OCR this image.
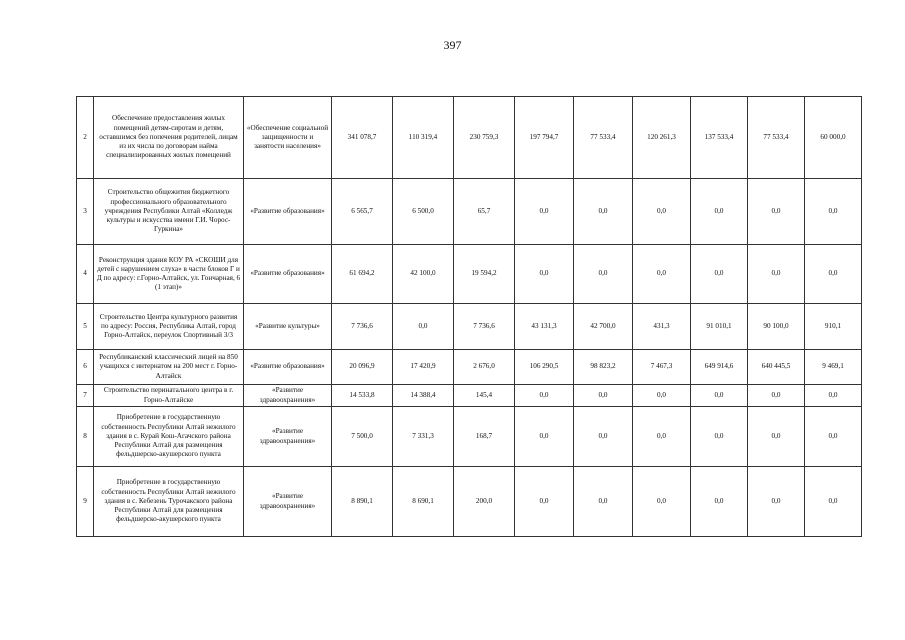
397
2	Обеспечение предоставления жилых помещений детям-сиротам и детям, оставшимся без попечения родителей, лицам из их числа по договорам найма специализированных жилых помещений	«Обеспечение социальной защищенности и занятости населения»	341 078,7	110 319,4	230 759,3	197 794,7	77 533,4	120 261,3	137 533,4	77 533,4	60 000,0
3	Строительство общежития бюджетного профессионального образовательного учреждения Республики Алтай «Колледж культуры и искусства имени Г.И. Чорос-Гуркина»	«Развитие образования»	6 565,7	6 500,0	65,7	0,0	0,0	0,0	0,0	0,0	0,0
4	Реконструкция здания КОУ РА «СКОШИ для детей с нарушением слуха» в части блоков Г и Д по адресу: г.Горно-Алтайск, ул. Гончарная, 6 (1 этап)»	«Развитие образования»	61 694,2	42 100,0	19 594,2	0,0	0,0	0,0	0,0	0,0	0,0
5	Строительство Центра культурного развития по адресу: Россия, Республика Алтай, город Горно-Алтайск, переулок Спортивный 3/3	«Развитие культуры»	7 736,6	0,0	7 736,6	43 131,3	42 700,0	431,3	91 010,1	90 100,0	910,1
6	Республиканский классический лицей на 850 учащихся с интернатом на 200 мест г. Горно-Алтайск	«Развитие образования»	20 096,9	17 420,9	2 676,0	106 290,5	98 823,2	7 467,3	649 914,6	640 445,5	9 469,1
7	Строительство перинатального центра в г. Горно-Алтайске	«Развитие здравоохранения»	14 533,8	14 388,4	145,4	0,0	0,0	0,0	0,0	0,0	0,0
8	Приобретение в государственную собственность Республики Алтай нежилого здания в с. Курай Кош-Агачского района Республики Алтай для размещения фельдшерско-акушерского пункта	«Развитие здравоохранения»	7 500,0	7 331,3	168,7	0,0	0,0	0,0	0,0	0,0	0,0
9	Приобретение в государственную собственность Республики Алтай нежилого здания в с. Кебезень Турочакского района Республики Алтай для размещения фельдшерско-акушерского пункта	«Развитие здравоохранения»	8 890,1	8 690,1	200,0	0,0	0,0	0,0	0,0	0,0	0,0
